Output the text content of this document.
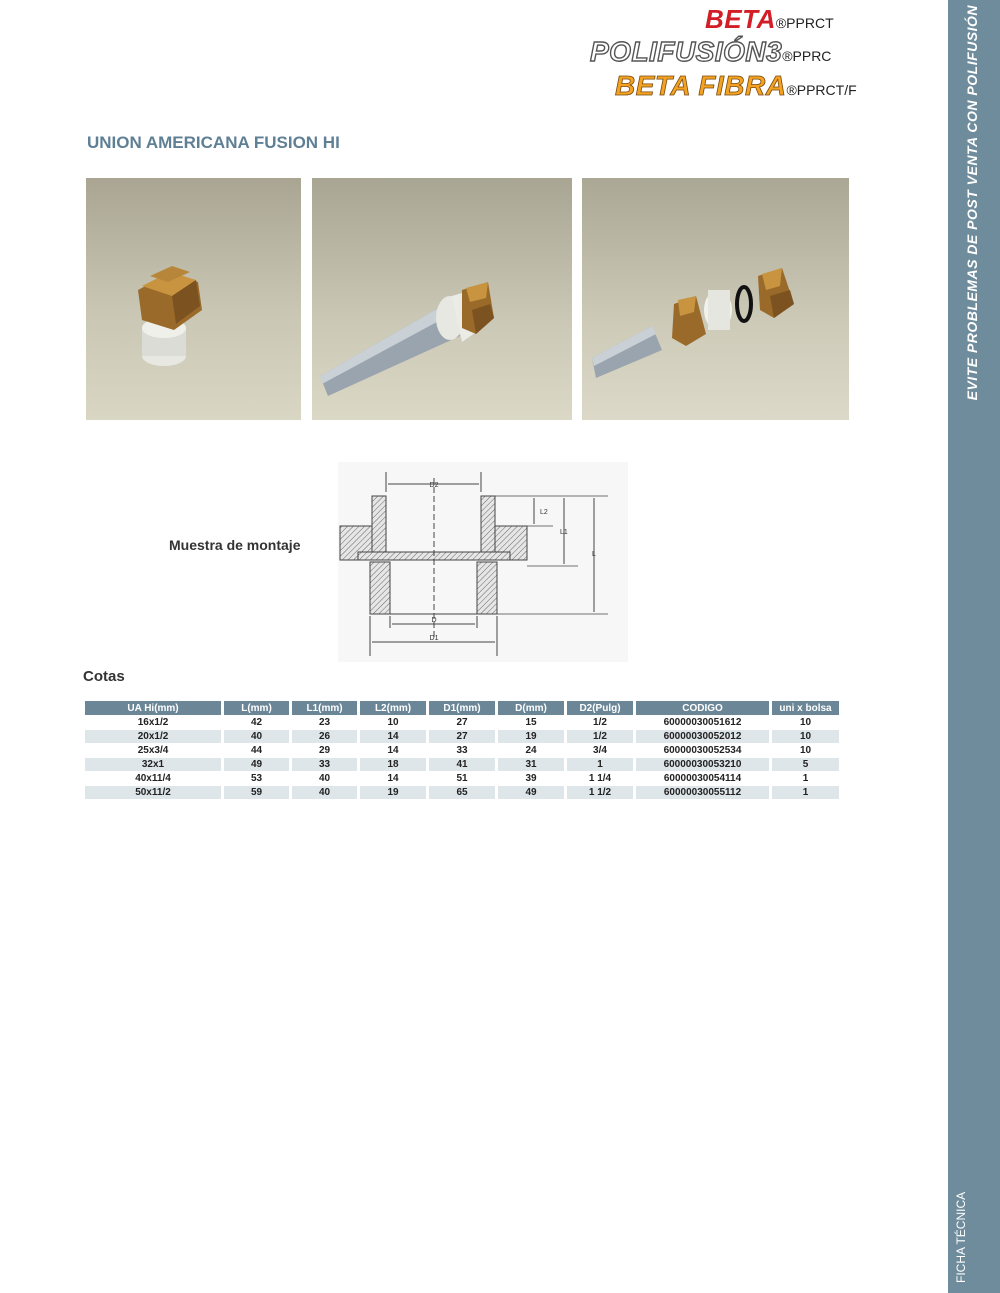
BETA®PPRCT
POLIFUSIÓN3®PPRC
BETA FIBRA®PPRCT/F	EVITE PROBLEMAS DE POST VENTA CON POLIFUSIÓN
FICHA TÉCNICA
UNION AMERICANA FUSION HI
Muestra de montaje
D2
L2
L1
L
D
D1
Cotas
UA Hi(mm)	L(mm)	L1(mm)	L2(mm)	D1(mm)	D(mm)	D2(Pulg)	CODIGO	uni x bolsa
16x1/2	42	23	10	27	15	1/2	60000030051612	10
20x1/2	40	26	14	27	19	1/2	60000030052012	10
25x3/4	44	29	14	33	24	3/4	60000030052534	10
32x1	49	33	18	41	31	1	60000030053210	5
40x11/4	53	40	14	51	39	1 1/4	60000030054114	1
50x11/2	59	40	19	65	49	1 1/2	60000030055112	1
